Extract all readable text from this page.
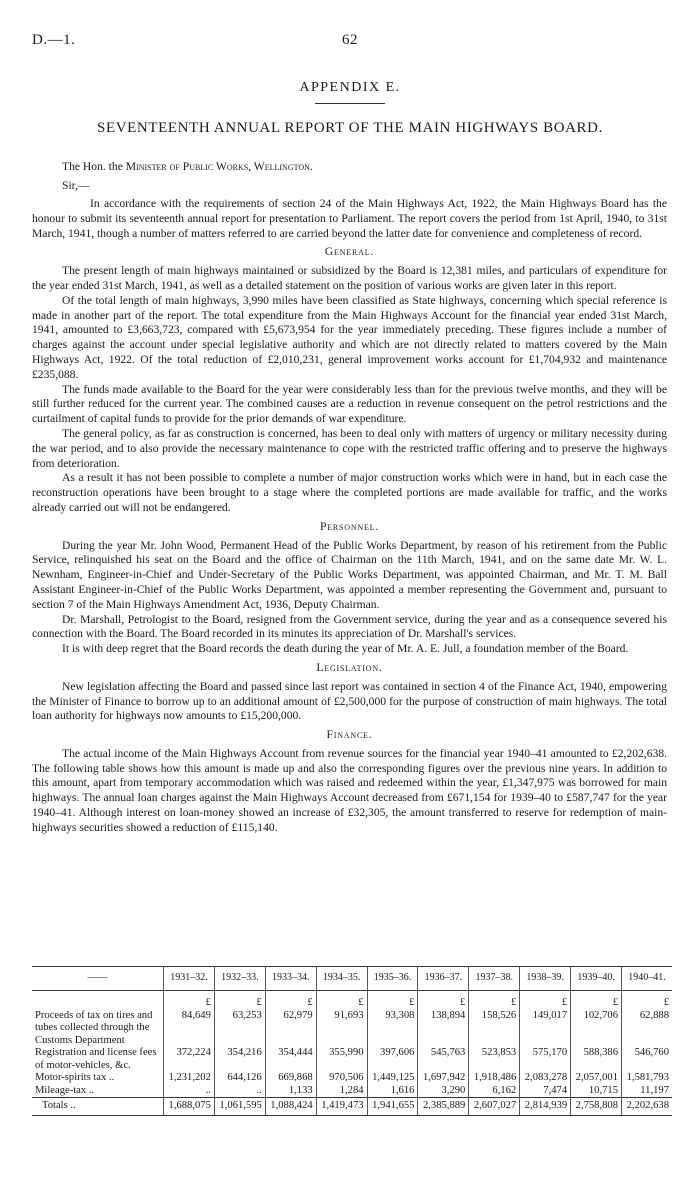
D.—1.	62
APPENDIX E.
SEVENTEENTH ANNUAL REPORT OF THE MAIN HIGHWAYS BOARD.
The Hon. the Minister of Public Works, Wellington.
Sir,—

In accordance with the requirements of section 24 of the Main Highways Act, 1922, the Main Highways Board has the honour to submit its seventeenth annual report for presentation to Parliament. The report covers the period from 1st April, 1940, to 31st March, 1941, though a number of matters referred to are carried beyond the latter date for convenience and completeness of record.

General.

The present length of main highways maintained or subsidized by the Board is 12,381 miles, and particulars of expenditure for the year ended 31st March, 1941, as well as a detailed statement on the position of various works are given later in this report.

Of the total length of main highways, 3,990 miles have been classified as State highways, concerning which special reference is made in another part of the report. The total expenditure from the Main Highways Account for the financial year ended 31st March, 1941, amounted to £3,663,723, compared with £5,673,954 for the year immediately preceding. These figures include a number of charges against the account under special legislative authority and which are not directly related to matters covered by the Main Highways Act, 1922. Of the total reduction of £2,010,231, general improvement works account for £1,704,932 and maintenance £235,088.

The funds made available to the Board for the year were considerably less than for the previous twelve months, and they will be still further reduced for the current year. The combined causes are a reduction in revenue consequent on the petrol restrictions and the curtailment of capital funds to provide for the prior demands of war expenditure.

The general policy, as far as construction is concerned, has been to deal only with matters of urgency or military necessity during the war period, and to also provide the necessary maintenance to cope with the restricted traffic offering and to preserve the highways from deterioration.

As a result it has not been possible to complete a number of major construction works which were in hand, but in each case the reconstruction operations have been brought to a stage where the completed portions are made available for traffic, and the works already carried out will not be endangered.

Personnel.

During the year Mr. John Wood, Permanent Head of the Public Works Department, by reason of his retirement from the Public Service, relinquished his seat on the Board and the office of Chairman on the 11th March, 1941, and on the same date Mr. W. L. Newnham, Engineer-in-Chief and Under-Secretary of the Public Works Department, was appointed Chairman, and Mr. T. M. Ball Assistant Engineer-in-Chief of the Public Works Department, was appointed a member representing the Government and, pursuant to section 7 of the Main Highways Amendment Act, 1936, Deputy Chairman.

Dr. Marshall, Petrologist to the Board, resigned from the Government service, during the year and as a consequence severed his connection with the Board. The Board recorded in its minutes its appreciation of Dr. Marshall's services.

It is with deep regret that the Board records the death during the year of Mr. A. E. Jull, a foundation member of the Board.

Legislation.

New legislation affecting the Board and passed since last report was contained in section 4 of the Finance Act, 1940, empowering the Minister of Finance to borrow up to an additional amount of £2,500,000 for the purpose of construction of main highways. The total loan authority for highways now amounts to £15,200,000.

Finance.

The actual income of the Main Highways Account from revenue sources for the financial year 1940–41 amounted to £2,202,638. The following table shows how this amount is made up and also the corresponding figures over the previous nine years. In addition to this amount, apart from temporary accommodation which was raised and redeemed within the year, £1,347,975 was borrowed for main highways. The annual loan charges against the Main Highways Account decreased from £671,154 for 1939–40 to £587,747 for the year 1940–41. Although interest on loan-money showed an increase of £32,305, the amount transferred to reserve for redemption of main-highways securities showed a reduction of £115,140.

——	1931–32.	1932–33.	1933–34.	1934–35.	1935–36.	1936–37.	1937–38.	1938–39.	1939–40.	1940–41.
	£	£	£	£	£	£	£	£	£	£
Proceeds of tax on tires and tubes collected through the Customs Department	84,649	63,253	62,979	91,693	93,308	138,894	158,526	149,017	102,706	62,888
Registration and license fees of motor-vehicles, &c.	372,224	354,216	354,444	355,990	397,606	545,763	523,853	575,170	588,386	546,760
Motor-spirits tax ..	1,231,202	644,126	669,868	970,506	1,449,125	1,697,942	1,918,486	2,083,278	2,057,001	1,581,793
Mileage-tax ..	..	..	1,133	1,284	1,616	3,290	6,162	7,474	10,715	11,197
Totals ..	1,688,075	1,061,595	1,088,424	1,419,473	1,941,655	2,385,889	2,607,027	2,814,939	2,758,808	2,202,638
